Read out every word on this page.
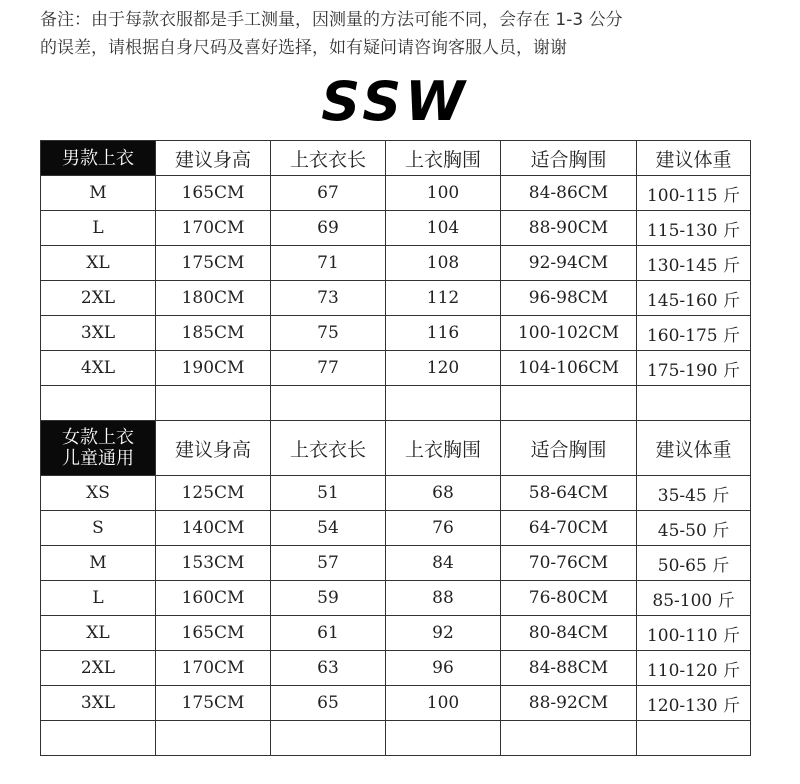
备注：由于每款衣服都是手工测量，因测量的方法可能不同，会存在 1-3 公分
的误差，请根据自身尺码及喜好选择，如有疑问请咨询客服人员，谢谢
SSW
男款上衣	建议身高	上衣衣长	上衣胸围	适合胸围	建议体重
M	165CM	67	100	84-86CM	100-115 斤
L	170CM	69	104	88-90CM	115-130 斤
XL	175CM	71	108	92-94CM	130-145 斤
2XL	180CM	73	112	96-98CM	145-160 斤
3XL	185CM	75	116	100-102CM	160-175 斤
4XL	190CM	77	120	104-106CM	175-190 斤

女款上衣
儿童通用	建议身高	上衣衣长	上衣胸围	适合胸围	建议体重
XS	125CM	51	68	58-64CM	35-45 斤
S	140CM	54	76	64-70CM	45-50 斤
M	153CM	57	84	70-76CM	50-65 斤
L	160CM	59	88	76-80CM	85-100 斤
XL	165CM	61	92	80-84CM	100-110 斤
2XL	170CM	63	96	84-88CM	110-120 斤
3XL	175CM	65	100	88-92CM	120-130 斤
